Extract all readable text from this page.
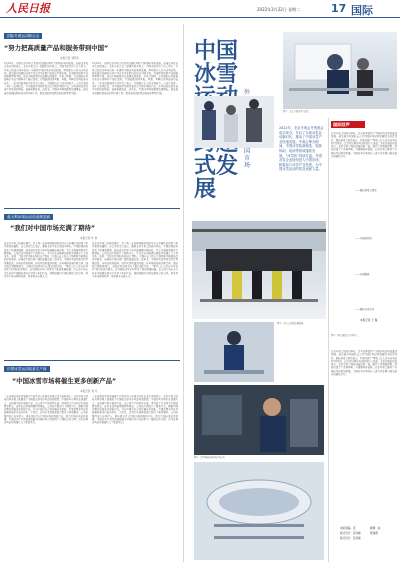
人民日报	2022年3月22日 星期二	17 国际
国际冬奥运动联合会
“努力把高质量产品和服务带到中国”
本报记者 刘军华
2月14日，出席北京冬奥会开幕式的国际雪联主席约翰·埃利亚施，在接受本报记者采访时表示，北京冬奥会是一届精彩的冬奥会，中国为此付出了巨大努力。冬奥会的成功举办将进一步推动中国冰雪运动的发展，带动更多人参与冰雪运动。越来越多的国际冰雪产业企业正在把目光投向中国市场，希望把高质量产品和服务带到中国，满足中国消费者日益增长的需求。冬奥会期间，多家国际冰雪装备企业在中国举办了展示活动，介绍最新的滑雪板、雪服、雪鞋以及场馆制冷技术。一位来自欧洲的企业负责人表示，中国拥有巨大的市场潜力，公司计划进一步扩大在华投资，与中国伙伴共同开发适合中国市场的产品。冰雪运动的普及离不开优质的场地、装备和教练员。近年来，中国冰雪场地数量快速增长，越来越多的国际教练员来到中国工作，把先进的训练理念和经验带到中国。
2月14日，出席北京冬奥会开幕式的国际雪联主席约翰·埃利亚施，在接受本报记者采访时表示，北京冬奥会是一届精彩的冬奥会，中国为此付出了巨大努力。冬奥会的成功举办将进一步推动中国冰雪运动的发展，带动更多人参与冰雪运动。越来越多的国际冰雪产业企业正在把目光投向中国市场，希望把高质量产品和服务带到中国，满足中国消费者日益增长的需求。冬奥会期间，多家国际冰雪装备企业在中国举办了展示活动，介绍最新的滑雪板、雪服、雪鞋以及场馆制冷技术。一位来自欧洲的企业负责人表示，中国拥有巨大的市场潜力，公司计划进一步扩大在华投资，与中国伙伴共同开发适合中国市场的产品。冰雪运动的普及离不开优质的场地、装备和教练员。近年来，中国冰雪场地数量快速增长，越来越多的国际教练员来到中国工作，把先进的训练理念和经验带到中国。
意大利冰球运动设备制造商
“我们对中国市场充满了期待”
本报记者 叶 琦
在北京冬奥会冰球比赛中，意大利一家冰球设备制造商为多支参赛队伍提供了护具和训练器材。该公司负责人表示，随着北京冬奥会的成功举办，中国冰球运动迎来了快速发展期，越来越多的青少年开始接触冰球运动，对专业装备的需求不断增加。公司已在中国设立了销售中心，并与多家冰球俱乐部和学校建立了合作关系。他说：“我们对中国市场充满了期待，中国有庞大的人口基数和不断增长的运动需求，冰球在中国有着广阔的发展前景。”近年来，中国冰雪运动普及程度显著提高，冰雪运动进校园、进社区活动蓬勃开展，冰雪场地设施不断完善。国家统计局数据显示，全国冰雪运动参与人数已超过3亿，“带动三亿人参与冰雪运动”的目标成为现实。这为国际冰雪企业带来了新的发展机遇。该公司计划未来几年在中国推出更多针对青少年的产品，同时加强与中国冰球协会的合作，举办青少年冰球训练营，培养更多冰球人才。
在北京冬奥会冰球比赛中，意大利一家冰球设备制造商为多支参赛队伍提供了护具和训练器材。该公司负责人表示，随着北京冬奥会的成功举办，中国冰球运动迎来了快速发展期，越来越多的青少年开始接触冰球运动，对专业装备的需求不断增加。公司已在中国设立了销售中心，并与多家冰球俱乐部和学校建立了合作关系。他说：“我们对中国市场充满了期待，中国有庞大的人口基数和不断增长的运动需求，冰球在中国有着广阔的发展前景。”近年来，中国冰雪运动普及程度显著提高，冰雪运动进校园、进社区活动蓬勃开展，冰雪场地设施不断完善。国家统计局数据显示，全国冰雪运动参与人数已超过3亿，“带动三亿人参与冰雪运动”的目标成为现实。这为国际冰雪企业带来了新的发展机遇。该公司计划未来几年在中国推出更多针对青少年的产品，同时加强与中国冰球协会的合作，举办青少年冰球训练营，培养更多冰球人才。
法国冰雪运动装备生产商
“中国冰雪市场将催生更多创新产品”
本报记者 刘 玲
一家法国冰雪运动装备生产商负责人在接受本报记者采访时表示，北京冬奥会的成功举办极大地激发了中国民众参与冰雪运动的热情，中国冰雪市场正在快速扩大，这将催生更多创新产品。该公司生产的滑雪头盔、滑雪镜等产品深受中国消费者喜爱，近年来在华销售额持续增长。公司在中国设立了研发中心，根据中国消费者的需求开发新产品，并与中国企业合作开展技术创新。中国消费者对冰雪装备的需求日益多样化、个性化，这对企业的研发能力提出了更高要求。公司将继续加大在华投入，推出更多适合中国市场的创新产品，助力中国冰雪运动发展。中国冰雪产业的快速发展为全球冰雪企业提供了广阔的合作空间，也为世界冰雪运动发展注入了新的动力。
一家法国冰雪运动装备生产商负责人在接受本报记者采访时表示，北京冬奥会的成功举办极大地激发了中国民众参与冰雪运动的热情，中国冰雪市场正在快速扩大，这将催生更多创新产品。该公司生产的滑雪头盔、滑雪镜等产品深受中国消费者喜爱，近年来在华销售额持续增长。公司在中国设立了研发中心，根据中国消费者的需求开发新产品，并与中国企业合作开展技术创新。中国消费者对冰雪装备的需求日益多样化、个性化，这对企业的研发能力提出了更高要求。公司将继续加大在华投入，推出更多适合中国市场的创新产品，助力中国冰雪运动发展。中国冰雪产业的快速发展为全球冰雪企业提供了广阔的合作空间，也为世界冰雪运动发展注入了新的动力。
中国冰雪 式发展
外 国市场
图①：北京首钢滑雪大跳台。
2022年，北京冬奥会冬残奥会成功举办，开启了全球冰雪运动新时代，推动了中国冰雪产业快速发展。冬奥会筹办期间，中国冰雪装备制造、旅游休闲、培训等领域蓬勃发展，“冰雪热”持续升温。外国冰雪企业纷纷进入中国市场，积极参与冰雪产业发展，为中国冰雪运动的普及贡献力量。
图②：冬奥会冰球比赛现场。
图③：滑雪场游客体验冰雪运动。
国际回声
北京冬奥会的成功举办，让全世界看到了中国冰雪运动的蓬勃发展，越来越多的国际友人对中国冰雪运动发展给予高度评价。国际奥委会委员表示，中国兑现了“带动三亿人参与冰雪运动”的承诺，这是对世界冰雪运动的巨大贡献。多位外国运动员表示，北京冬奥会场馆设施世界一流，组织工作细致周到，给他们留下了深刻印象。外国媒体评论称，北京冬奥会推动了全球冰雪运动的发展，中国冰雪市场的巨大潜力正在吸引越来越多的国际企业。
——国际奥委会委员
——外国运动员
——外国媒体
——国际冰雪企业
本报记者 王 瑞
图④：国家速滑馆“冰丝带”。
北京冬奥会的成功举办，让全世界看到了中国冰雪运动的蓬勃发展，越来越多的国际友人对中国冰雪运动发展给予高度评价。国际奥委会委员表示，中国兑现了“带动三亿人参与冰雪运动”的承诺，这是对世界冰雪运动的巨大贡献。多位外国运动员表示，北京冬奥会场馆设施世界一流，组织工作细致周到，给他们留下了深刻印象。外国媒体评论称，北京冬奥会推动了全球冰雪运动的发展，中国冰雪市场的巨大潜力正在吸引越来越多的国际企业。
本版责编：张	制图：赵
版式设计：张丹峰	陈丽群
版式设计：张丹峰
